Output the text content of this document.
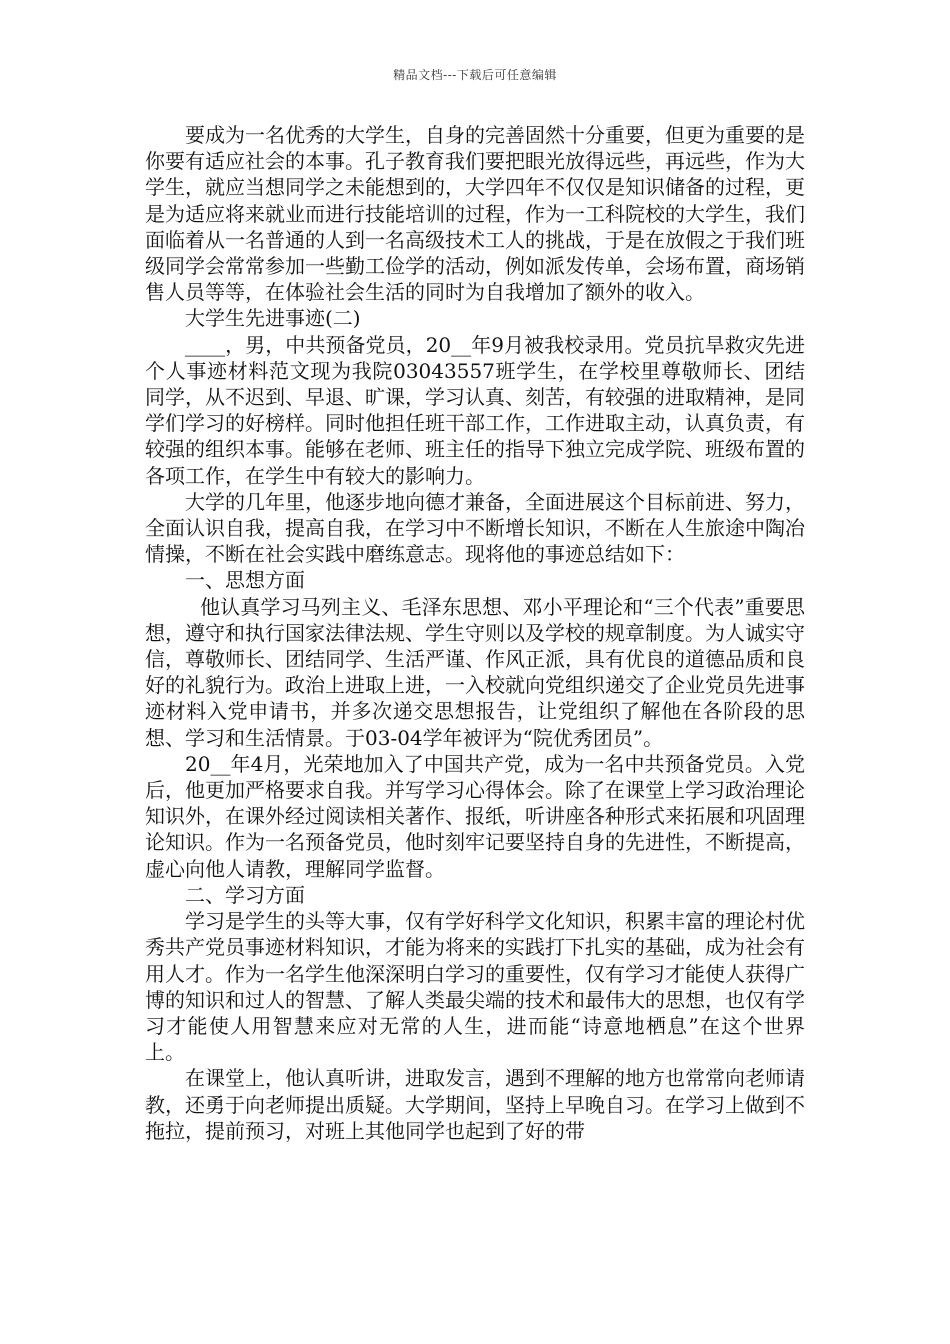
精品文档---下载后可任意编辑

要成为一名优秀的大学生，自身的完善固然十分重要，但更为重要的是你要有适应社会的本事。孔子教育我们要把眼光放得远些，再远些，作为大学生，就应当想同学之未能想到的，大学四年不仅仅是知识储备的过程，更是为适应将来就业而进行技能培训的过程，作为一工科院校的大学生，我们面临着从一名普通的人到一名高级技术工人的挑战，于是在放假之于我们班级同学会常常参加一些勤工俭学的活动，例如派发传单，会场布置，商场销售人员等等，在体验社会生活的同时为自我增加了额外的收入。

大学生先进事迹(二)

____，男，中共预备党员，20__年9月被我校录用。党员抗旱救灾先进个人事迹材料范文现为我院03043557班学生，在学校里尊敬师长、团结同学，从不迟到、早退、旷课，学习认真、刻苦，有较强的进取精神，是同学们学习的好榜样。同时他担任班干部工作，工作进取主动，认真负责，有较强的组织本事。能够在老师、班主任的指导下独立完成学院、班级布置的各项工作，在学生中有较大的影响力。

大学的几年里，他逐步地向德才兼备，全面进展这个目标前进、努力，全面认识自我，提高自我，在学习中不断增长知识，不断在人生旅途中陶冶情操，不断在社会实践中磨练意志。现将他的事迹总结如下：

一、思想方面

他认真学习马列主义、毛泽东思想、邓小平理论和“三个代表”重要思想，遵守和执行国家法律法规、学生守则以及学校的规章制度。为人诚实守信，尊敬师长、团结同学、生活严谨、作风正派，具有优良的道德品质和良好的礼貌行为。政治上进取上进，一入校就向党组织递交了企业党员先进事迹材料入党申请书，并多次递交思想报告，让党组织了解他在各阶段的思想、学习和生活情景。于03-04学年被评为“院优秀团员”。

20__年4月，光荣地加入了中国共产党，成为一名中共预备党员。入党后，他更加严格要求自我。并写学习心得体会。除了在课堂上学习政治理论知识外，在课外经过阅读相关著作、报纸，听讲座各种形式来拓展和巩固理论知识。作为一名预备党员，他时刻牢记要坚持自身的先进性，不断提高，虚心向他人请教，理解同学监督。

二、学习方面

学习是学生的头等大事，仅有学好科学文化知识，积累丰富的理论村优秀共产党员事迹材料知识，才能为将来的实践打下扎实的基础，成为社会有用人才。作为一名学生他深深明白学习的重要性，仅有学习才能使人获得广博的知识和过人的智慧、了解人类最尖端的技术和最伟大的思想，也仅有学习才能使人用智慧来应对无常的人生，进而能“诗意地栖息”在这个世界上。

在课堂上，他认真听讲，进取发言，遇到不理解的地方也常常向老师请教，还勇于向老师提出质疑。大学期间，坚持上早晚自习。在学习上做到不拖拉，提前预习，对班上其他同学也起到了好的带
